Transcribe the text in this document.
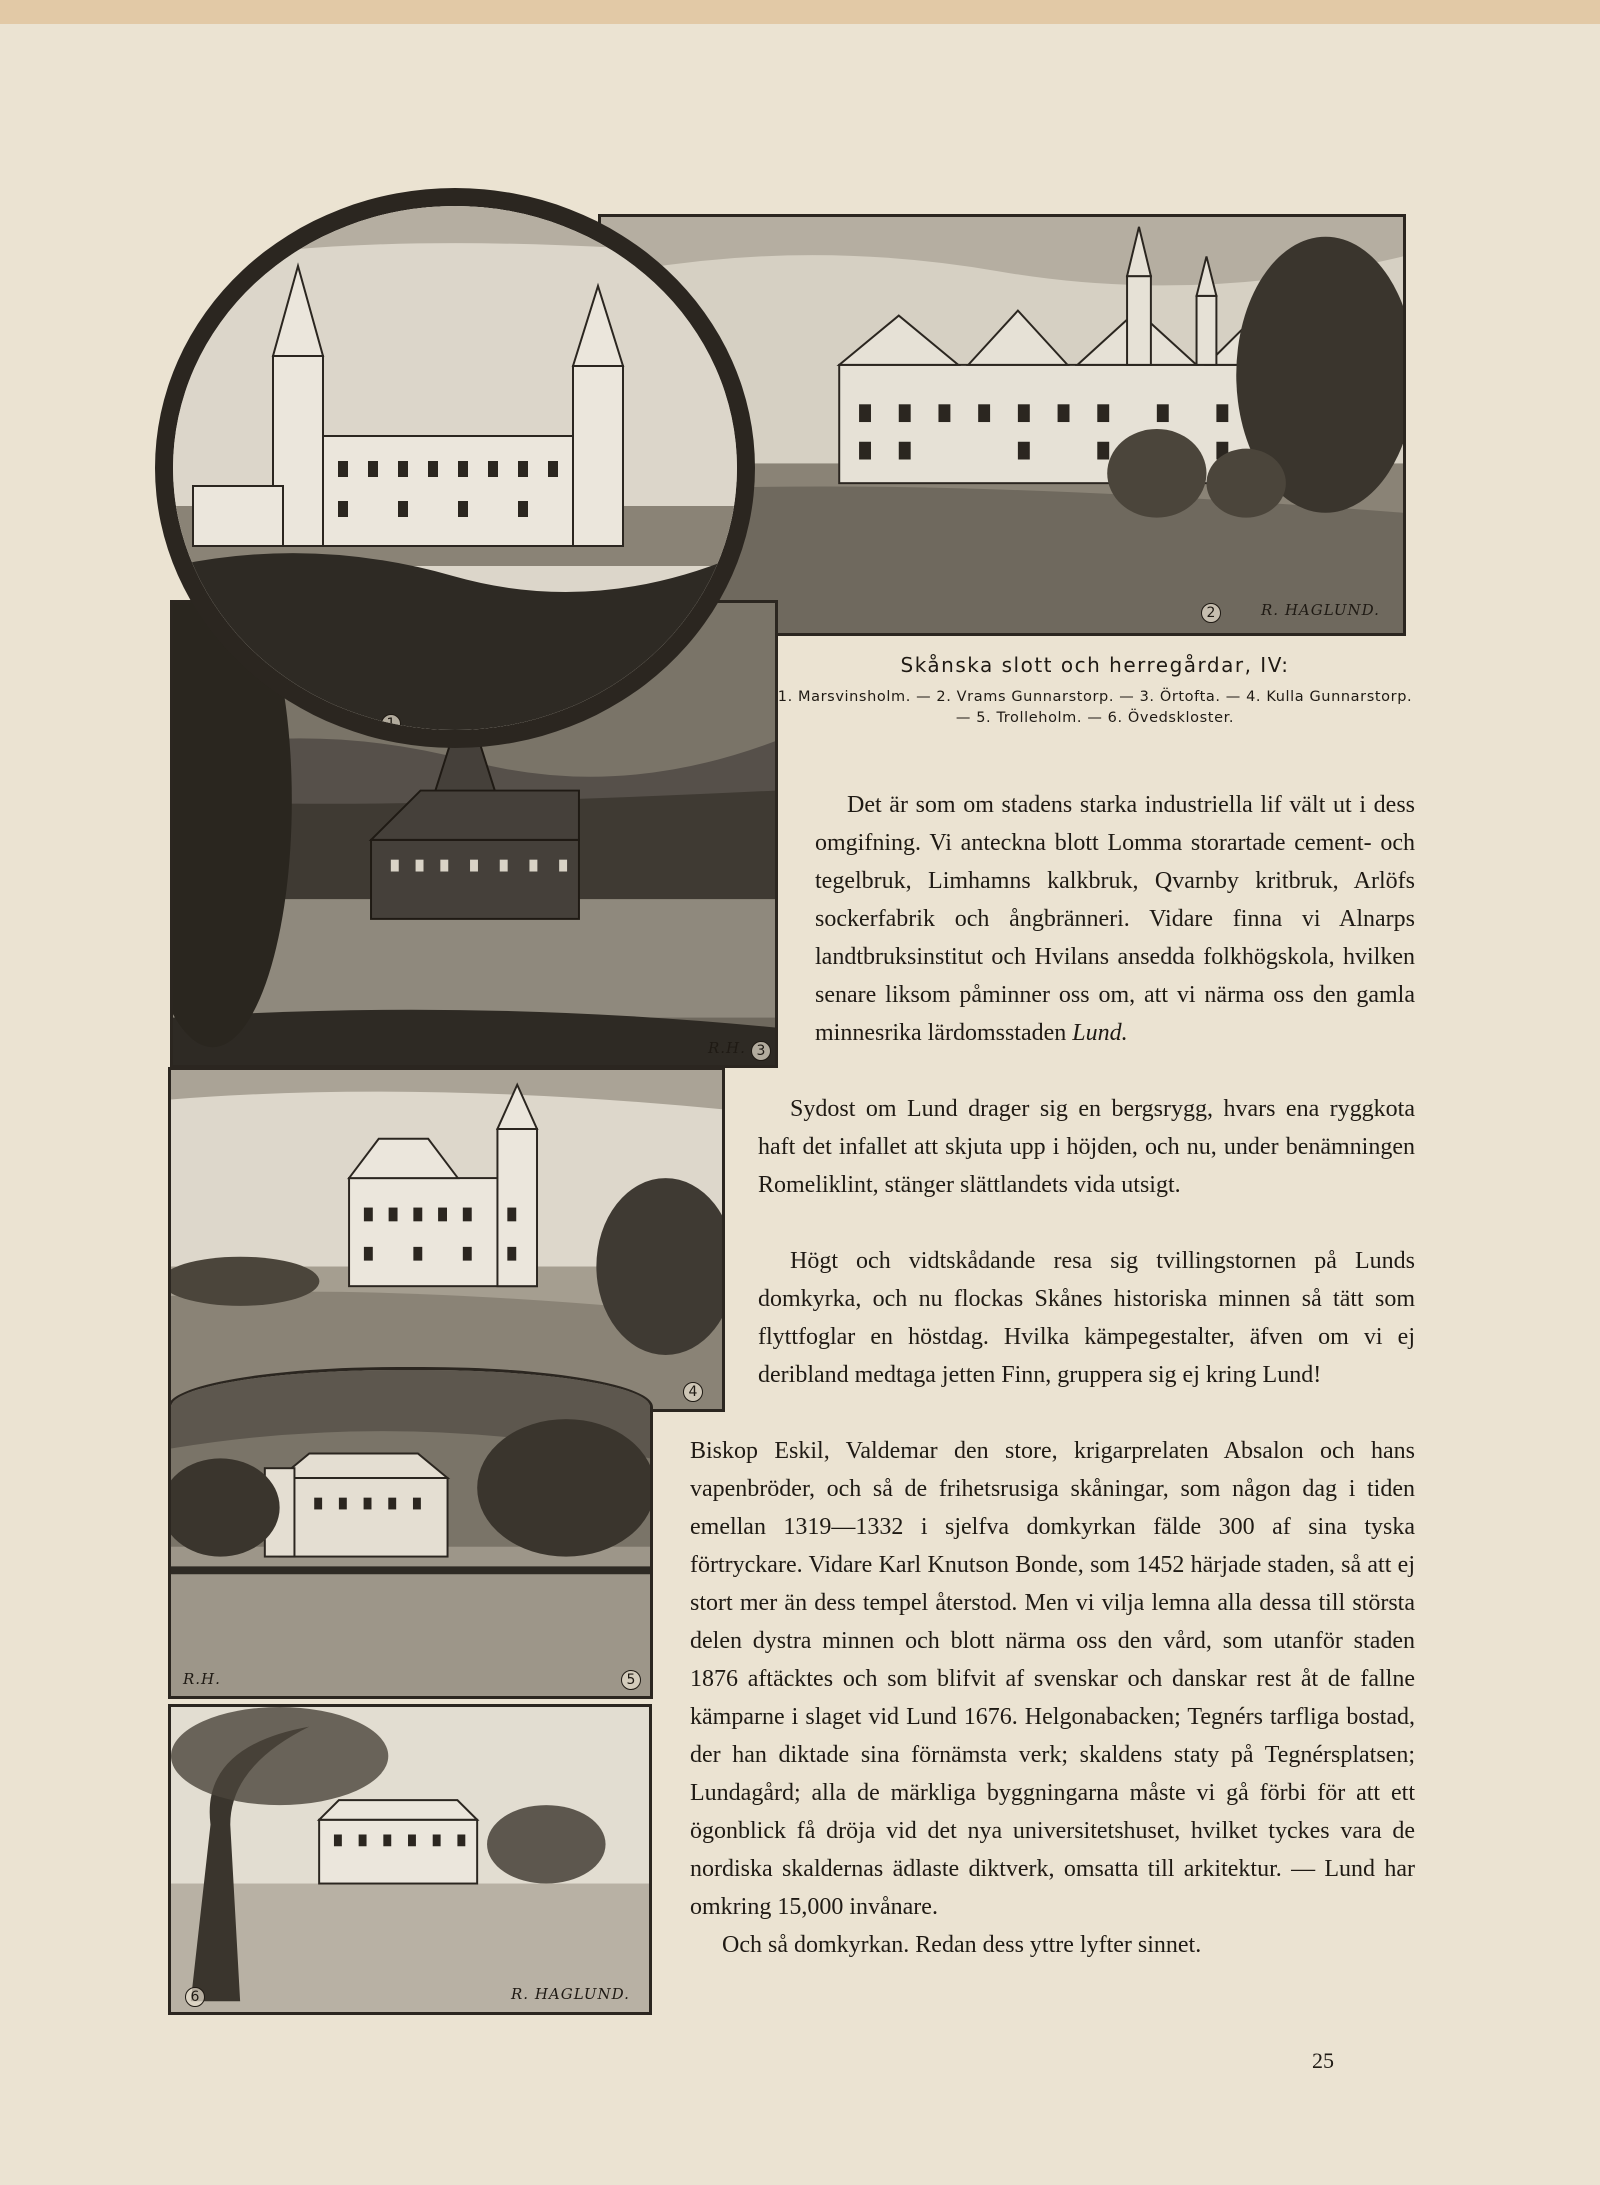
2	R. HAGLUND.
R.H. 3
1
4
R.H.	5
6	R. HAGLUND.
Skånska slott och herregårdar, IV:
1. Marsvinsholm. — 2. Vrams Gunnarstorp. — 3. Örtofta. — 4. Kulla Gunnarstorp. — 5. Trolleholm. — 6. Övedskloster.

Det är som om stadens starka industriella lif vält ut i dess omgifning. Vi anteckna blott Lomma storartade cement- och tegelbruk, Limhamns kalkbruk, Qvarnby kritbruk, Arlöfs sockerfabrik och ångbränneri. Vidare finna vi Alnarps landtbruksinstitut och Hvilans ansedda folkhögskola, hvilken senare liksom påminner oss om, att vi närma oss den gamla minnesrika lärdomsstaden Lund.

Sydost om Lund drager sig en bergsrygg, hvars ena ryggkota haft det infallet att skjuta upp i höjden, och nu, under benämningen Romeliklint, stänger slättlandets vida utsigt.

Högt och vidtskådande resa sig tvillingstornen på Lunds domkyrka, och nu flockas Skånes historiska minnen så tätt som flyttfoglar en höstdag. Hvilka kämpegestalter, äfven om vi ej deribland medtaga jetten Finn, gruppera sig ej kring Lund!

Biskop Eskil, Valdemar den store, krigarprelaten Absalon och hans vapenbröder, och så de frihetsrusiga skåningar, som någon dag i tiden emellan 1319—1332 i sjelfva domkyrkan fälde 300 af sina tyska förtryckare. Vidare Karl Knutson Bonde, som 1452 härjade staden, så att ej stort mer än dess tempel återstod. Men vi vilja lemna alla dessa till största delen dystra minnen och blott närma oss den vård, som utanför staden 1876 aftäcktes och som blifvit af svenskar och danskar rest åt de fallne kämparne i slaget vid Lund 1676. Helgonabacken; Tegnérs tarfliga bostad, der han diktade sina förnämsta verk; skaldens staty på Tegnérsplatsen; Lundagård; alla de märkliga byggningarna måste vi gå förbi för att ett ögonblick få dröja vid det nya universitetshuset, hvilket tyckes vara de nordiska skaldernas ädlaste diktverk, omsatta till arkitektur. — Lund har omkring 15,000 invånare.

Och så domkyrkan. Redan dess yttre lyfter sinnet.

25
